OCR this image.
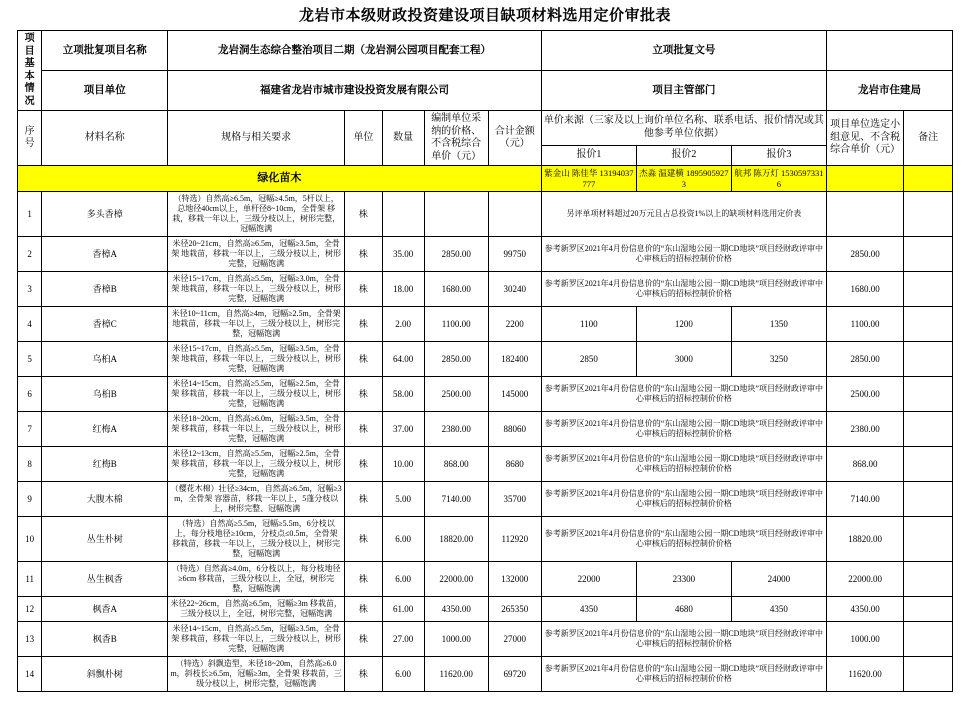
龙岩市本级财政投资建设项目缺项材料选用定价审批表
项目基本情况	立项批复项目名称	龙岩洞生态综合整治项目二期（龙岩洞公园项目配套工程）					立项批复文号				
	项目单位	福建省龙岩市城市建设投资发展有限公司					项目主管部门			龙岩市住建局	
序号	材料名称	规格与相关要求	单位	数量	编制单位采纳的价格、不含税综合单价（元）	合计金额（元）	单价来源（三家及以上询价单位名称、联系电话、报价情况或其他参考单位依据）			项目单位选定小组意见、不含税综合单价（元）	备注
							报价1	报价2	报价3		
绿化苗木							紫金山 陈佳华 13194037777	杰淼 温建横 18959059273	航邦 陈万灯 15305973316		
1	多头香樟	（特选）自然高≥6.5m，冠幅≥4.5m，5杆以上，总地径40cm以上，单杆径8~10cm，全骨架 移栽，移栽一年以上，三级分枝以上，树形完整，冠幅饱满	株				另评单项材料超过20万元且占总投资1%以上的缺项材料选用定价表				
2	香樟A	米径20~21cm，自然高≥6.5m，冠幅≥3.5m，全骨架 地栽苗，移栽一年以上，三级分枝以上，树形完整，冠幅饱满	株	35.00	2850.00	99750	参考新罗区2021年4月份信息价的“东山湿地公园一期CD地块”项目经财政评审中心审核后的招标控制价价格			2850.00	
3	香樟B	米径15~17cm，自然高≥5.5m，冠幅≥3.0m，全骨架 地栽苗，移栽一年以上，三级分枝以上，树形完整，冠幅饱满	株	18.00	1680.00	30240	参考新罗区2021年4月份信息价的“东山湿地公园一期CD地块”项目经财政评审中心审核后的招标控制价价格			1680.00	
4	香樟C	米径10~11cm，自然高≥4m，冠幅≥2.5m，全骨架 地栽苗，移栽一年以上，三级分枝以上，树形完整，冠幅饱满	株	2.00	1100.00	2200	1100	1200	1350	1100.00	
5	乌桕A	米径15~17cm，自然高≥5.5m，冠幅≥3.5m，全骨架 地栽苗，移栽一年以上，三级分枝以上，树形完整，冠幅饱满	株	64.00	2850.00	182400	2850	3000	3250	2850.00	
6	乌桕B	米径14~15cm，自然高≥5.5m，冠幅≥2.5m，全骨架 移栽苗，移栽一年以上，三级分枝以上，树形完整，冠幅饱满	株	58.00	2500.00	145000	参考新罗区2021年4月份信息价的“东山湿地公园一期CD地块”项目经财政评审中心审核后的招标控制价价格			2500.00	
7	红梅A	米径18~20cm，自然高≥6.0m，冠幅≥3.5m，全骨架 移栽苗，移栽一年以上，三级分枝以上，树形完整，冠幅饱满	株	37.00	2380.00	88060	参考新罗区2021年4月份信息价的“东山湿地公园一期CD地块”项目经财政评审中心审核后的招标控制价价格			2380.00	
8	红梅B	米径12~13cm，自然高≥5.5m，冠幅≥2.5m，全骨架 移栽苗，移栽一年以上，三级分枝以上，树形完整，冠幅饱满	株	10.00	868.00	8680	参考新罗区2021年4月份信息价的“东山湿地公园一期CD地块”项目经财政评审中心审核后的招标控制价价格			868.00	
9	大腹木棉	（樱花木棉）壮径≥34cm，自然高≥6.5m，冠幅≥3m，全骨架 容器苗，移栽一年以上，5蓬分枝以上，树形完整、冠幅饱满	株	5.00	7140.00	35700	参考新罗区2021年4月份信息价的“东山湿地公园一期CD地块”项目经财政评审中心审核后的招标控制价价格			7140.00	
10	丛生朴树	（特选）自然高≥5.5m，冠幅≥5.5m，6分枝以上，每分枝地径≥10cm，分枝点≤0.5m，全骨架 移栽苗，移栽一年以上，三级分枝以上，树形完整，冠幅饱满	株	6.00	18820.00	112920	参考新罗区2021年4月份信息价的“东山湿地公园一期CD地块”项目经财政评审中心审核后的招标控制价价格			18820.00	
11	丛生枫香	（特选）自然高≥4.0m，6分枝以上，每分枝地径≥6cm 移栽苗，三级分枝以上，全冠，树形完整，冠幅饱满	株	6.00	22000.00	132000	22000	23300	24000	22000.00	
12	枫香A	米径22~26cm，自然高≥6.5m，冠幅≥3m 移栽苗，三级分枝以上，全冠，树形完整，冠幅饱满	株	61.00	4350.00	265350	4350	4680	4350	4350.00	
13	枫香B	米径14~15cm，自然高≥5.5m，冠幅≥3.5m，全骨架 移栽苗，移栽一年以上，三级分枝以上，树形完整，冠幅饱满	株	27.00	1000.00	27000	参考新罗区2021年4月份信息价的“东山湿地公园一期CD地块”项目经财政评审中心审核后的招标控制价价格			1000.00	
14	斜飘朴树	（特选）斜飘造型，米径18~20m，自然高≥6.0m，斜枝长≥6.5m，冠幅≥3m，全骨架 移栽苗，三级分枝以上，树形完整，冠幅饱满	株	6.00	11620.00	69720	参考新罗区2021年4月份信息价的“东山湿地公园一期CD地块”项目经财政评审中心审核后的招标控制价价格			11620.00	
